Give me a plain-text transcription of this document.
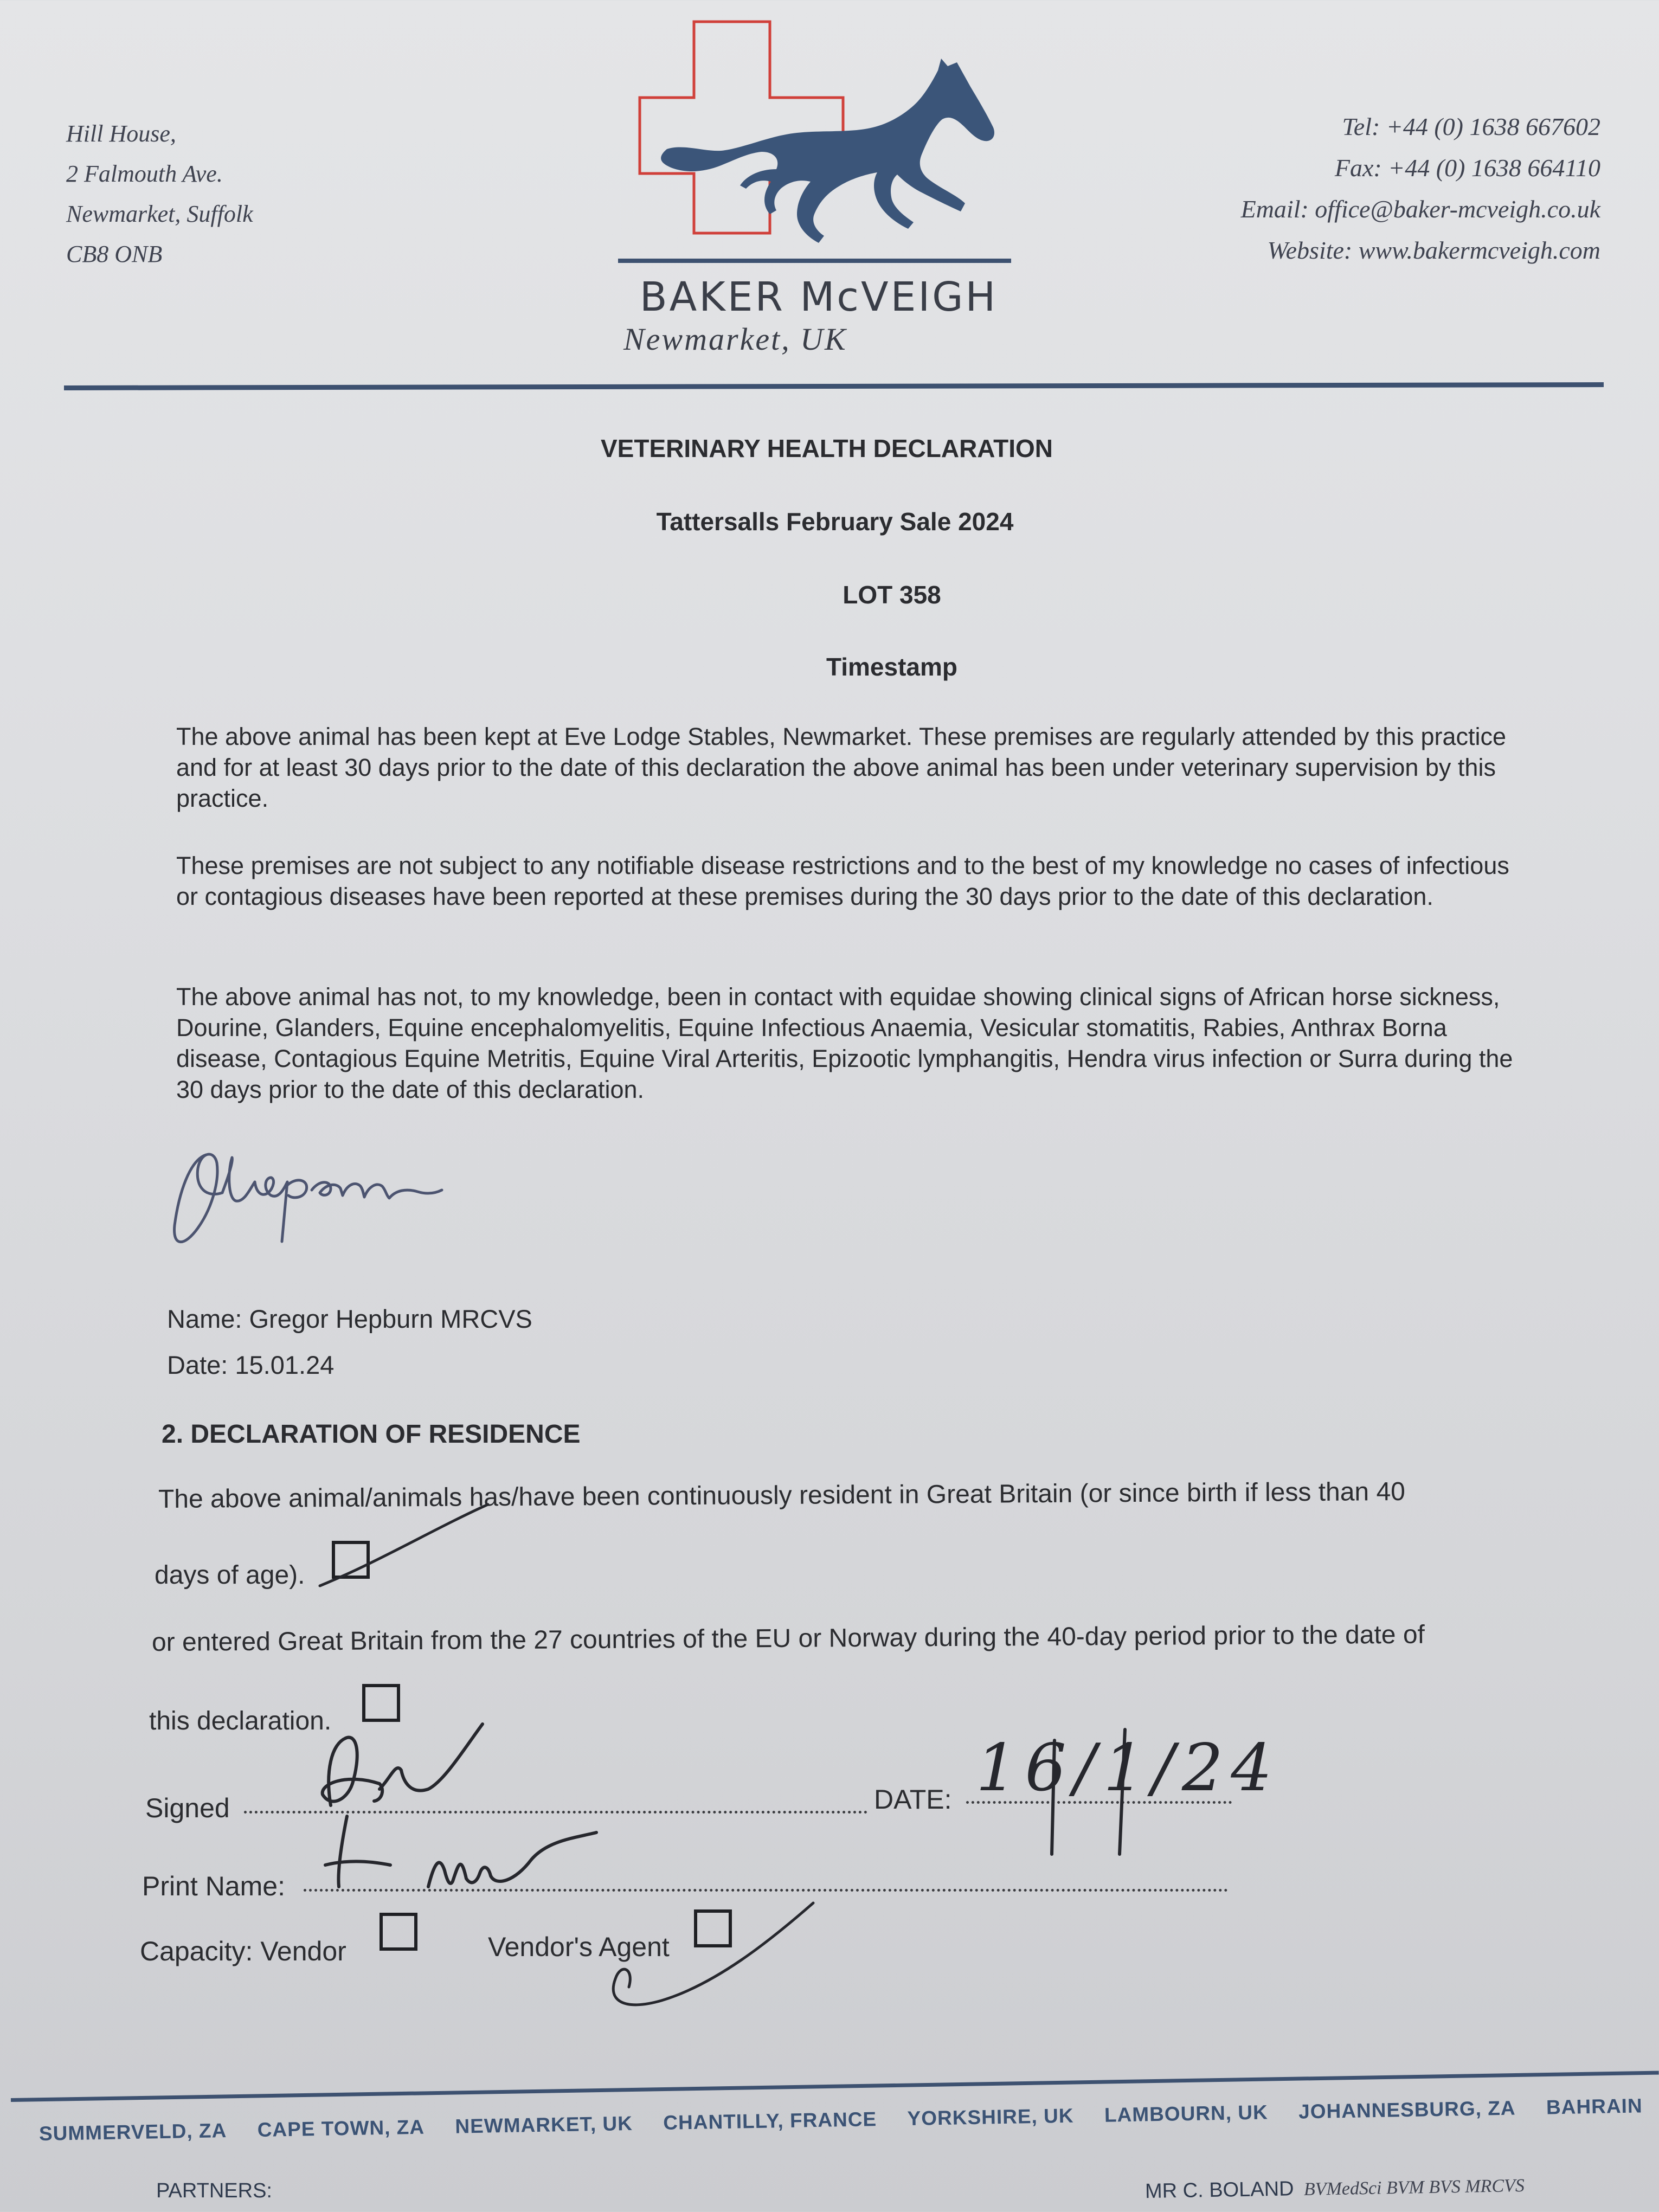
Hill House,
2 Falmouth Ave.
Newmarket, Suffolk
CB8 ONB
Tel: +44 (0) 1638 667602
Fax: +44 (0) 1638 664110
Email: office@baker-mcveigh.co.uk
Website: www.bakermcveigh.com
BAKER McVEIGH
Newmarket, UK
VETERINARY HEALTH DECLARATION
Tattersalls February Sale 2024
LOT 358
Timestamp

The above animal has been kept at Eve Lodge Stables, Newmarket. These premises are regularly attended by this practice and for at least 30 days prior to the date of this declaration the above animal has been under veterinary supervision by this practice.

These premises are not subject to any notifiable disease restrictions and to the best of my knowledge no cases of infectious or contagious diseases have been reported at these premises during the 30 days prior to the date of this declaration.

The above animal has not, to my knowledge, been in contact with equidae showing clinical signs of African horse sickness, Dourine, Glanders, Equine encephalomyelitis, Equine Infectious Anaemia, Vesicular stomatitis, Rabies, Anthrax Borna disease, Contagious Equine Metritis, Equine Viral Arteritis, Epizootic lymphangitis, Hendra virus infection or Surra during the 30 days prior to the date of this declaration.

Name: Gregor Hepburn MRCVS
Date: 15.01.24
2. DECLARATION OF RESIDENCE
The above animal/animals has/have been continuously resident in Great Britain (or since birth if less than 40
days of age).
or entered Great Britain from the 27 countries of the EU or Norway during the 40-day period prior to the date of
this declaration.
Signed	DATE: 16/1/24
Print Name:
Capacity: Vendor	Vendor's Agent
SUMMERVELD, ZA CAPE TOWN, ZA NEWMARKET, UK CHANTILLY, FRANCE YORKSHIRE, UK LAMBOURN, UK JOHANNESBURG, ZA BAHRAIN
PARTNERS:	MR C. BOLAND BVMedSci BVM BVS MRCVS
